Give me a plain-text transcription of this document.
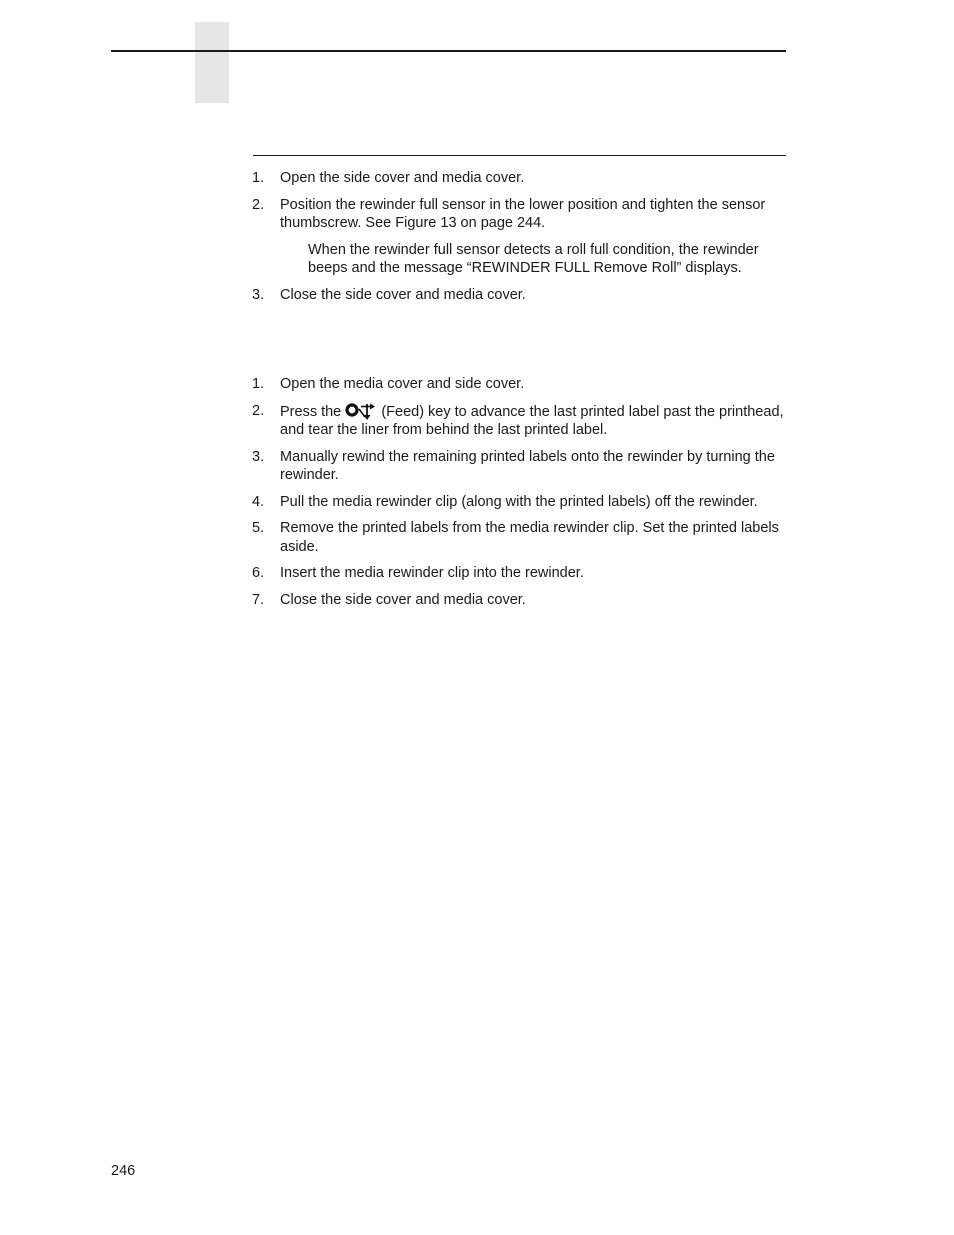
1. Open the side cover and media cover.
2. Position the rewinder full sensor in the lower position and tighten the sensor thumbscrew. See Figure 13 on page 244.
When the rewinder full sensor detects a roll full condition, the rewinder beeps and the message “REWINDER FULL Remove Roll” displays.
3. Close the side cover and media cover.
1. Open the media cover and side cover.
2. Press the	(Feed) key to advance the last printed label past the printhead, and tear the liner from behind the last printed label.
3. Manually rewind the remaining printed labels onto the rewinder by turning the rewinder.
4. Pull the media rewinder clip (along with the printed labels) off the rewinder.
5. Remove the printed labels from the media rewinder clip. Set the printed labels aside.
6. Insert the media rewinder clip into the rewinder.
7. Close the side cover and media cover.
246
